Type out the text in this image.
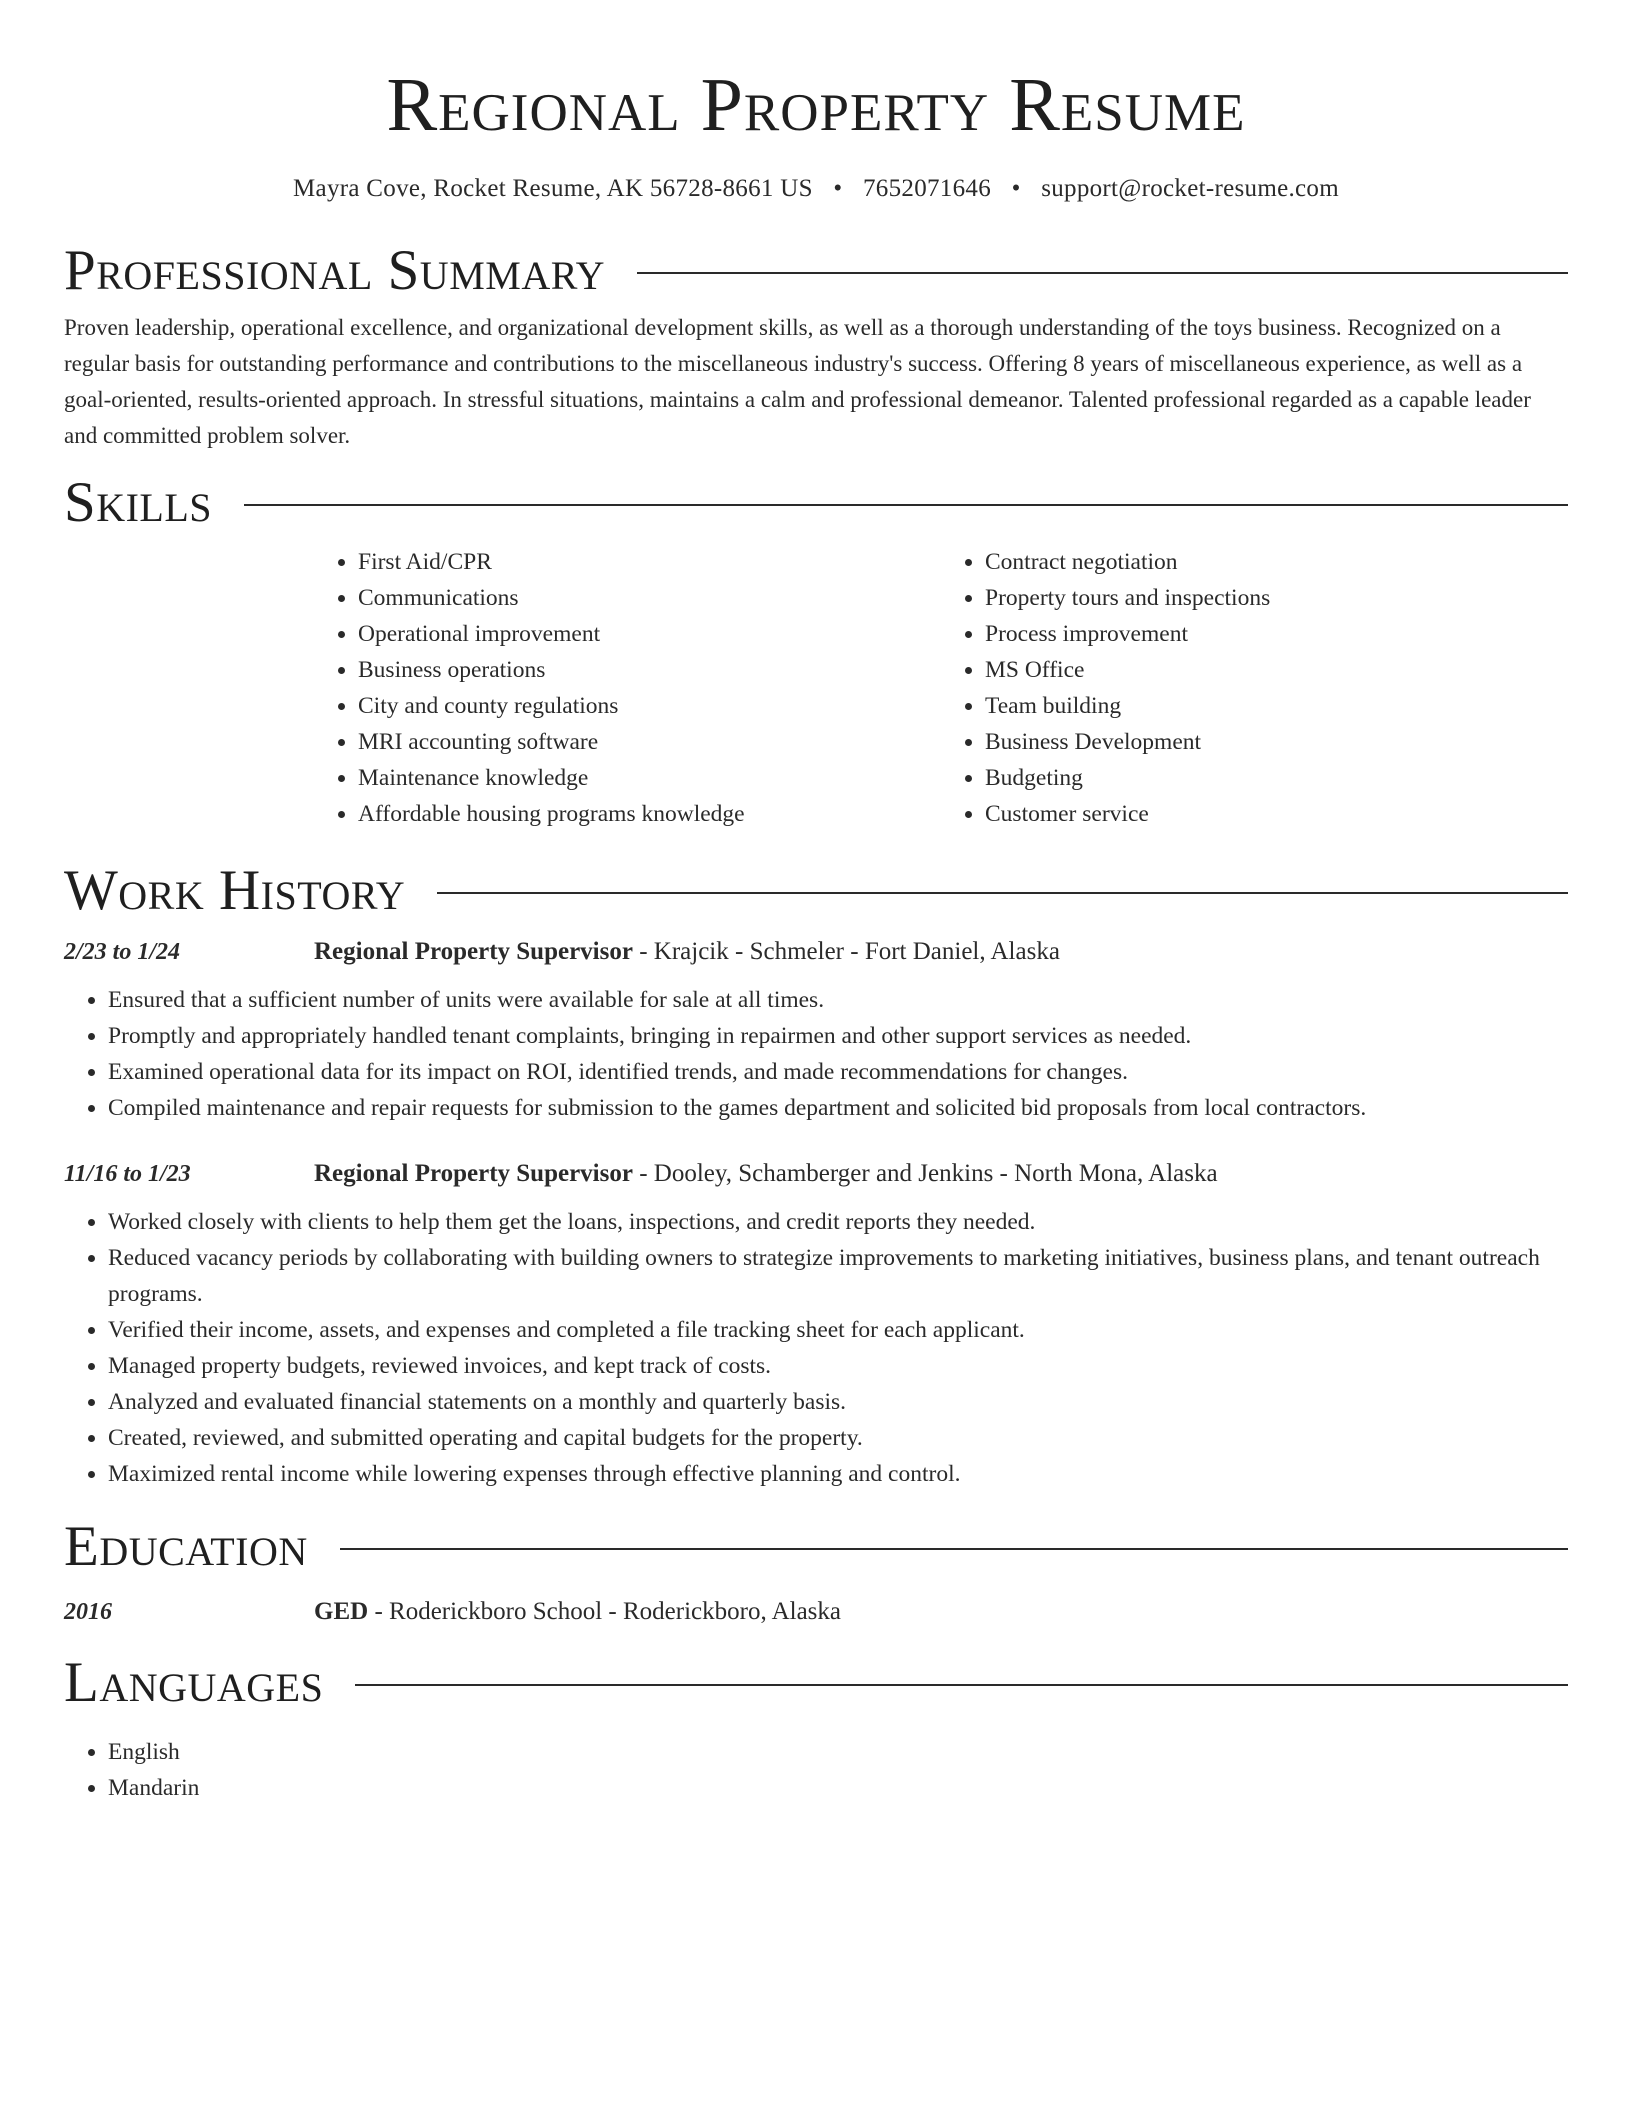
Regional Property Resume
Mayra Cove, Rocket Resume, AK 56728-8661 US • 7652071646 • support@rocket-resume.com
Professional Summary

Proven leadership, operational excellence, and organizational development skills, as well as a thorough understanding of the toys business. Recognized on a regular basis for outstanding performance and contributions to the miscellaneous industry's success. Offering 8 years of miscellaneous experience, as well as a goal-oriented, results-oriented approach. In stressful situations, maintains a calm and professional demeanor. Talented professional regarded as a capable leader and committed problem solver.

Skills
• First Aid/CPR
• Communications
• Operational improvement
• Business operations
• City and county regulations
• MRI accounting software
• Maintenance knowledge
• Affordable housing programs knowledge
• Contract negotiation
• Property tours and inspections
• Process improvement
• MS Office
• Team building
• Business Development
• Budgeting
• Customer service
Work History
2/23 to 1/24	Regional Property Supervisor - Krajcik - Schmeler - Fort Daniel, Alaska
• Ensured that a sufficient number of units were available for sale at all times.
• Promptly and appropriately handled tenant complaints, bringing in repairmen and other support services as needed.
• Examined operational data for its impact on ROI, identified trends, and made recommendations for changes.
• Compiled maintenance and repair requests for submission to the games department and solicited bid proposals from local contractors.
11/16 to 1/23	Regional Property Supervisor - Dooley, Schamberger and Jenkins - North Mona, Alaska
• Worked closely with clients to help them get the loans, inspections, and credit reports they needed.
• Reduced vacancy periods by collaborating with building owners to strategize improvements to marketing initiatives, business plans, and tenant outreach programs.
• Verified their income, assets, and expenses and completed a file tracking sheet for each applicant.
• Managed property budgets, reviewed invoices, and kept track of costs.
• Analyzed and evaluated financial statements on a monthly and quarterly basis.
• Created, reviewed, and submitted operating and capital budgets for the property.
• Maximized rental income while lowering expenses through effective planning and control.
Education
2016	GED - Roderickboro School - Roderickboro, Alaska
Languages
• English
• Mandarin
